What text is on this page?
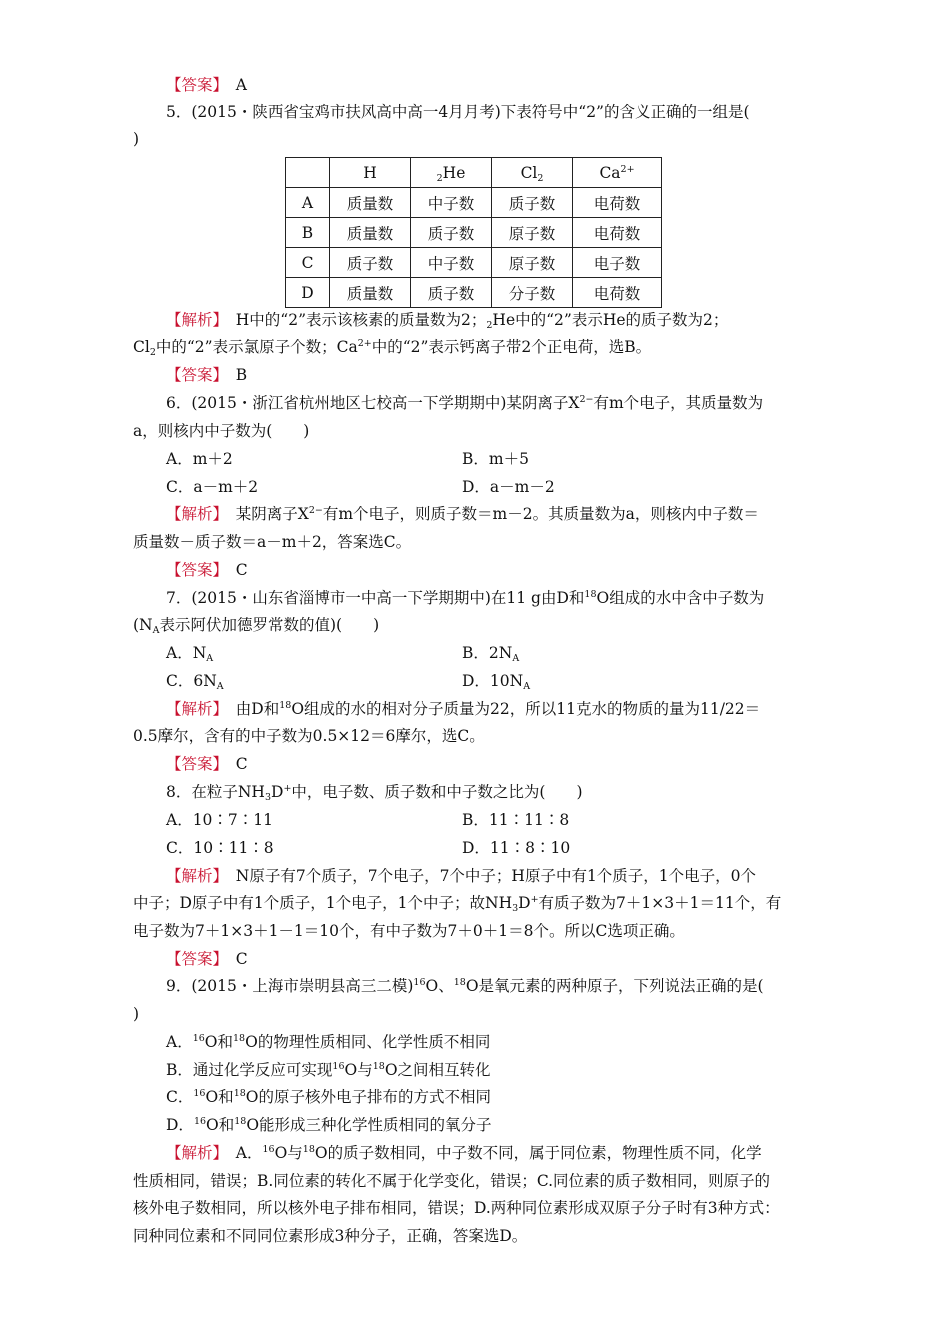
【答案】　 A
5．(2015・陕西省宝鸡市扶风高中高一4月月考)下表符号中“2”的含义正确的一组是(
)
	H	$_2$He	$Cl_2$	$Ca^{2+}$
A	质量数	中子数	质子数	电荷数
B	质量数	质子数	原子数	电荷数
C	质子数	中子数	原子数	电子数
D	质量数	质子数	分子数	电荷数
【解析】　 H中的“2”表示该核素的质量数为2；$_2$He中的“2”表示He的质子数为2；
$Cl_2$中的“2”表示氯原子个数；$Ca^{2+}$中的“2”表示钙离子带2个正电荷，选B。
【答案】　 B
6．(2015・浙江省杭州地区七校高一下学期期中)某阴离子$X^{2-}$有m个电子，其质量数为
a，则核内中子数为(　　)
A．m＋2	B．m＋5
C．a－m＋2	D．a－m－2
【解析】　 某阴离子$X^{2-}$有m个电子，则质子数＝m－2。其质量数为a，则核内中子数＝
质量数－质子数＝a－m＋2，答案选C。
【答案】　 C
7．(2015・山东省淄博市一中高一下学期期中)在11 g由D和$^{18}$O组成的水中含中子数为
($N_A$表示阿伏加德罗常数的值)(　　)
A．$N_A$	B．$2N_A$
C．$6N_A$	D．$10N_A$
【解析】　 由D和$^{18}$O组成的水的相对分子质量为22，所以11克水的物质的量为11/22＝
0.5摩尔，含有的中子数为0.5×12＝6摩尔，选C。
【答案】　 C
8．在粒子$NH_3D^+$中，电子数、质子数和中子数之比为(　　)
A．10∶7∶11	B．11∶11∶8
C．10∶11∶8	D．11∶8∶10
【解析】　 N原子有7个质子，7个电子，7个中子；H原子中有1个质子，1个电子，0个
中子；D原子中有1个质子，1个电子，1个中子；故$NH_3D^+$有质子数为7＋1×3＋1＝11个，有
电子数为7＋1×3＋1－1＝10个，有中子数为7＋0＋1＝8个。所以C选项正确。
【答案】　 C
9．(2015・上海市崇明县高三二模)$^{16}$O、$^{18}$O是氧元素的两种原子，下列说法正确的是(
)
A．$^{16}$O和$^{18}$O的物理性质相同、化学性质不相同
B．通过化学反应可实现$^{16}$O与$^{18}$O之间相互转化
C．$^{16}$O和$^{18}$O的原子核外电子排布的方式不相同
D．$^{16}$O和$^{18}$O能形成三种化学性质相同的氧分子
【解析】　 A．$^{16}$O与$^{18}$O的质子数相同，中子数不同，属于同位素，物理性质不同，化学
性质相同，错误；B.同位素的转化不属于化学变化，错误；C.同位素的质子数相同，则原子的
核外电子数相同，所以核外电子排布相同，错误；D.两种同位素形成双原子分子时有3种方式：
同种同位素和不同同位素形成3种分子，正确，答案选D。
